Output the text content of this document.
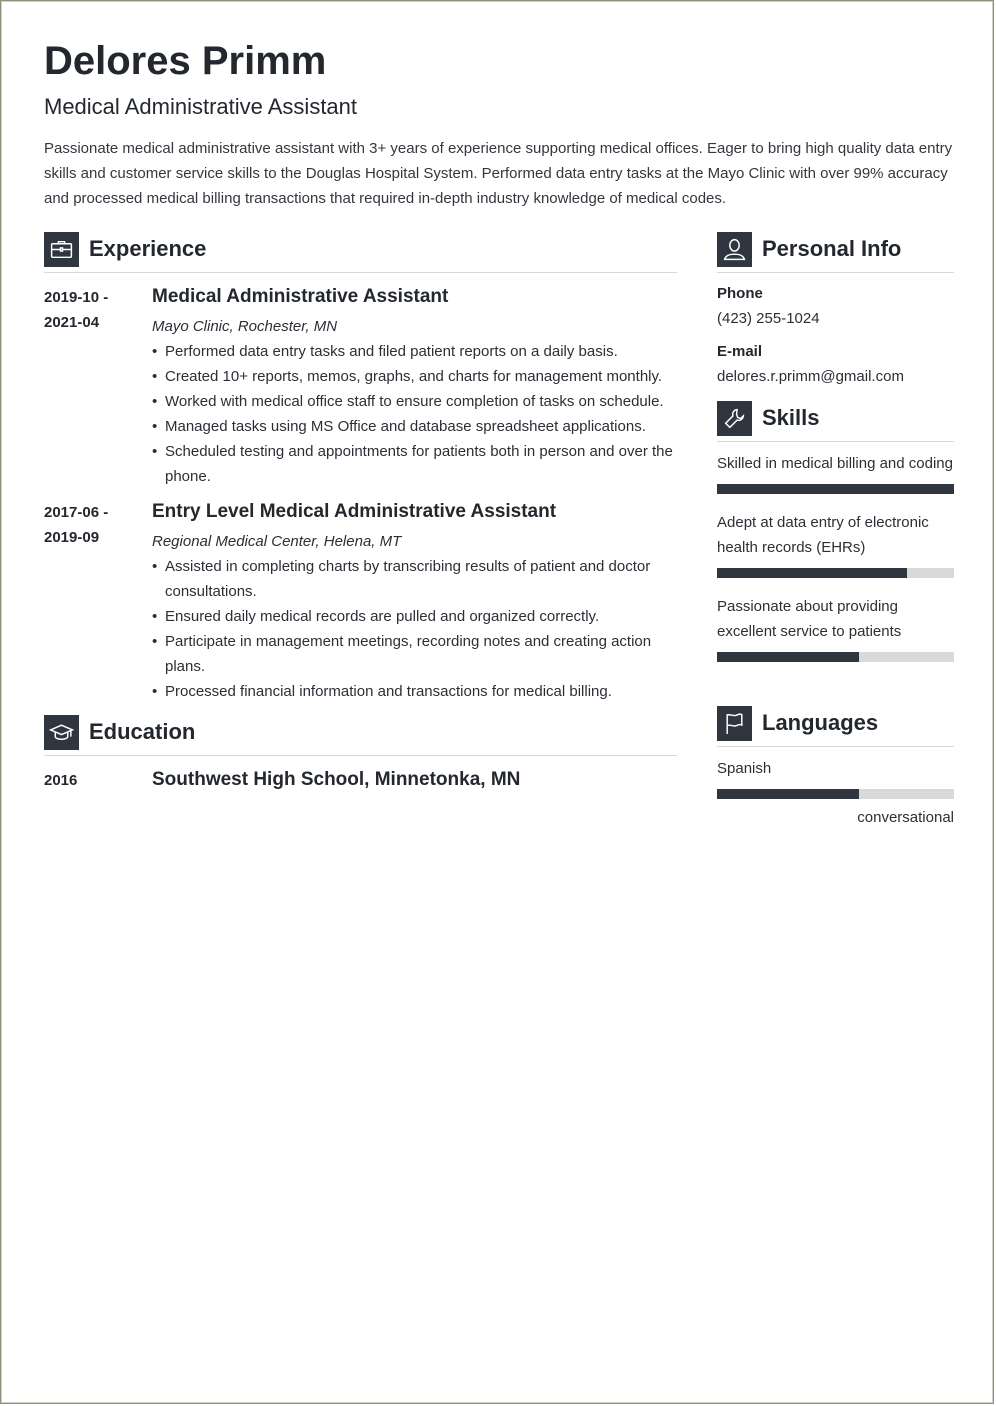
Delores Primm
Medical Administrative Assistant

Passionate medical administrative assistant with 3+ years of experience supporting medical offices. Eager to bring high quality data entry skills and customer service skills to the Douglas Hospital System. Performed data entry tasks at the Mayo Clinic with over 99% accuracy and processed medical billing transactions that required in-depth industry knowledge of medical codes.

Experience
2019-10 -
2021-04
Medical Administrative Assistant
Mayo Clinic, Rochester, MN
• Performed data entry tasks and filed patient reports on a daily basis.
• Created 10+ reports, memos, graphs, and charts for management monthly.
• Worked with medical office staff to ensure completion of tasks on schedule.
• Managed tasks using MS Office and database spreadsheet applications.
• Scheduled testing and appointments for patients both in person and over the phone.
2017-06 -
2019-09
Entry Level Medical Administrative Assistant
Regional Medical Center, Helena, MT
• Assisted in completing charts by transcribing results of patient and doctor consultations.
• Ensured daily medical records are pulled and organized correctly.
• Participate in management meetings, recording notes and creating action plans.
• Processed financial information and transactions for medical billing.
Education
2016	Southwest High School, Minnetonka, MN
Personal Info
Phone
(423) 255-1024
E-mail
delores.r.primm@gmail.com
Skills
Skilled in medical billing and coding
Adept at data entry of electronic health records (EHRs)
Passionate about providing excellent service to patients
Languages
Spanish
conversational
